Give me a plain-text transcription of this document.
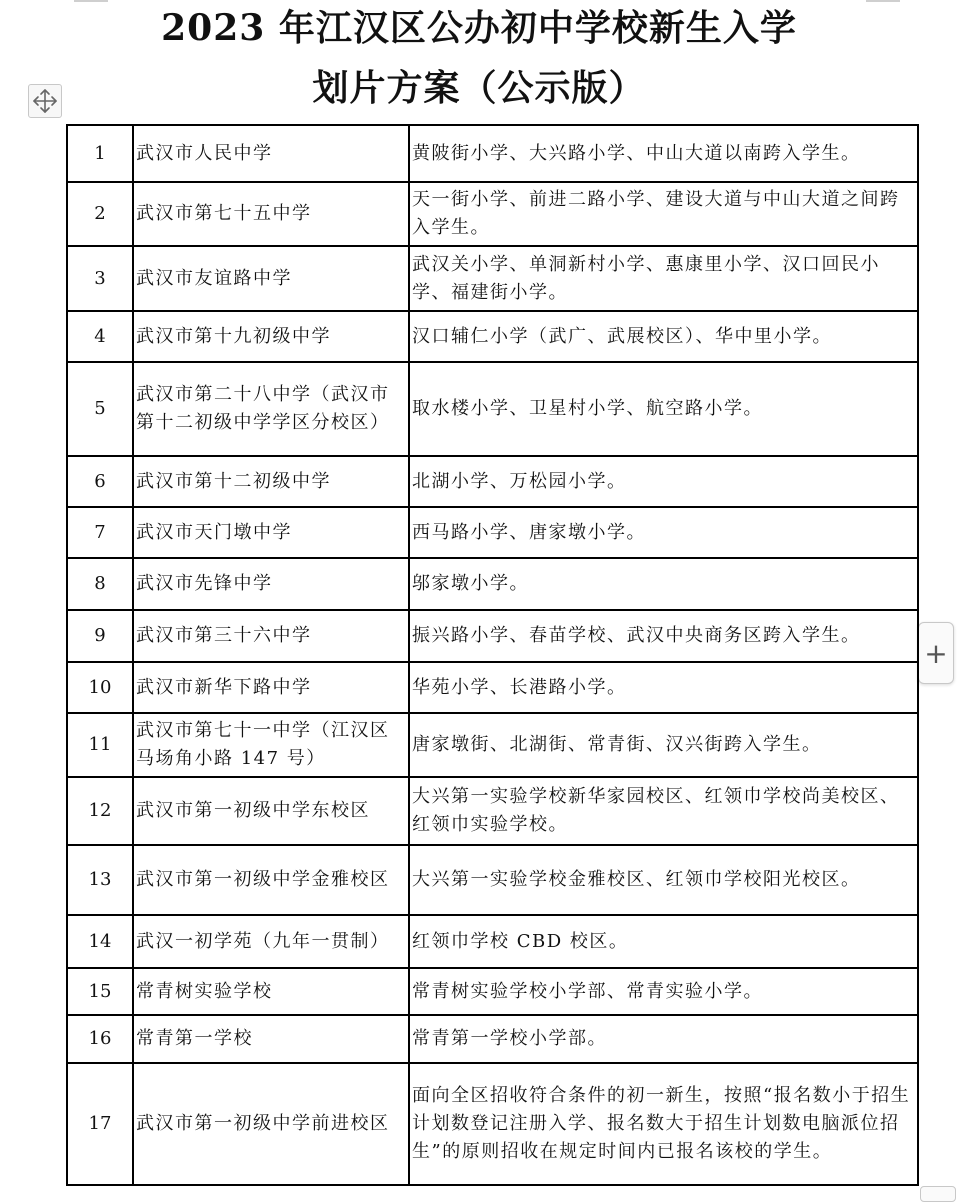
2023 年江汉区公办初中学校新生入学
划片方案（公示版）
+
1	武汉市人民中学	黄陂街小学、大兴路小学、中山大道以南跨入学生。
2	武汉市第七十五中学	天一街小学、前进二路小学、建设大道与中山大道之间跨入学生。
3	武汉市友谊路中学	武汉关小学、单洞新村小学、惠康里小学、汉口回民小学、福建街小学。
4	武汉市第十九初级中学	汉口辅仁小学（武广、武展校区）、华中里小学。
5	武汉市第二十八中学（武汉市第十二初级中学学区分校区）	取水楼小学、卫星村小学、航空路小学。
6	武汉市第十二初级中学	北湖小学、万松园小学。
7	武汉市天门墩中学	西马路小学、唐家墩小学。
8	武汉市先锋中学	邬家墩小学。
9	武汉市第三十六中学	振兴路小学、春苗学校、武汉中央商务区跨入学生。
10	武汉市新华下路中学	华苑小学、长港路小学。
11	武汉市第七十一中学（江汉区马场角小路 147 号）	唐家墩街、北湖街、常青街、汉兴街跨入学生。
12	武汉市第一初级中学东校区	大兴第一实验学校新华家园校区、红领巾学校尚美校区、红领巾实验学校。
13	武汉市第一初级中学金雅校区	大兴第一实验学校金雅校区、红领巾学校阳光校区。
14	武汉一初学苑（九年一贯制）	红领巾学校 CBD 校区。
15	常青树实验学校	常青树实验学校小学部、常青实验小学。
16	常青第一学校	常青第一学校小学部。
17	武汉市第一初级中学前进校区	面向全区招收符合条件的初一新生，按照“报名数小于招生计划数登记注册入学、报名数大于招生计划数电脑派位招生”的原则招收在规定时间内已报名该校的学生。
